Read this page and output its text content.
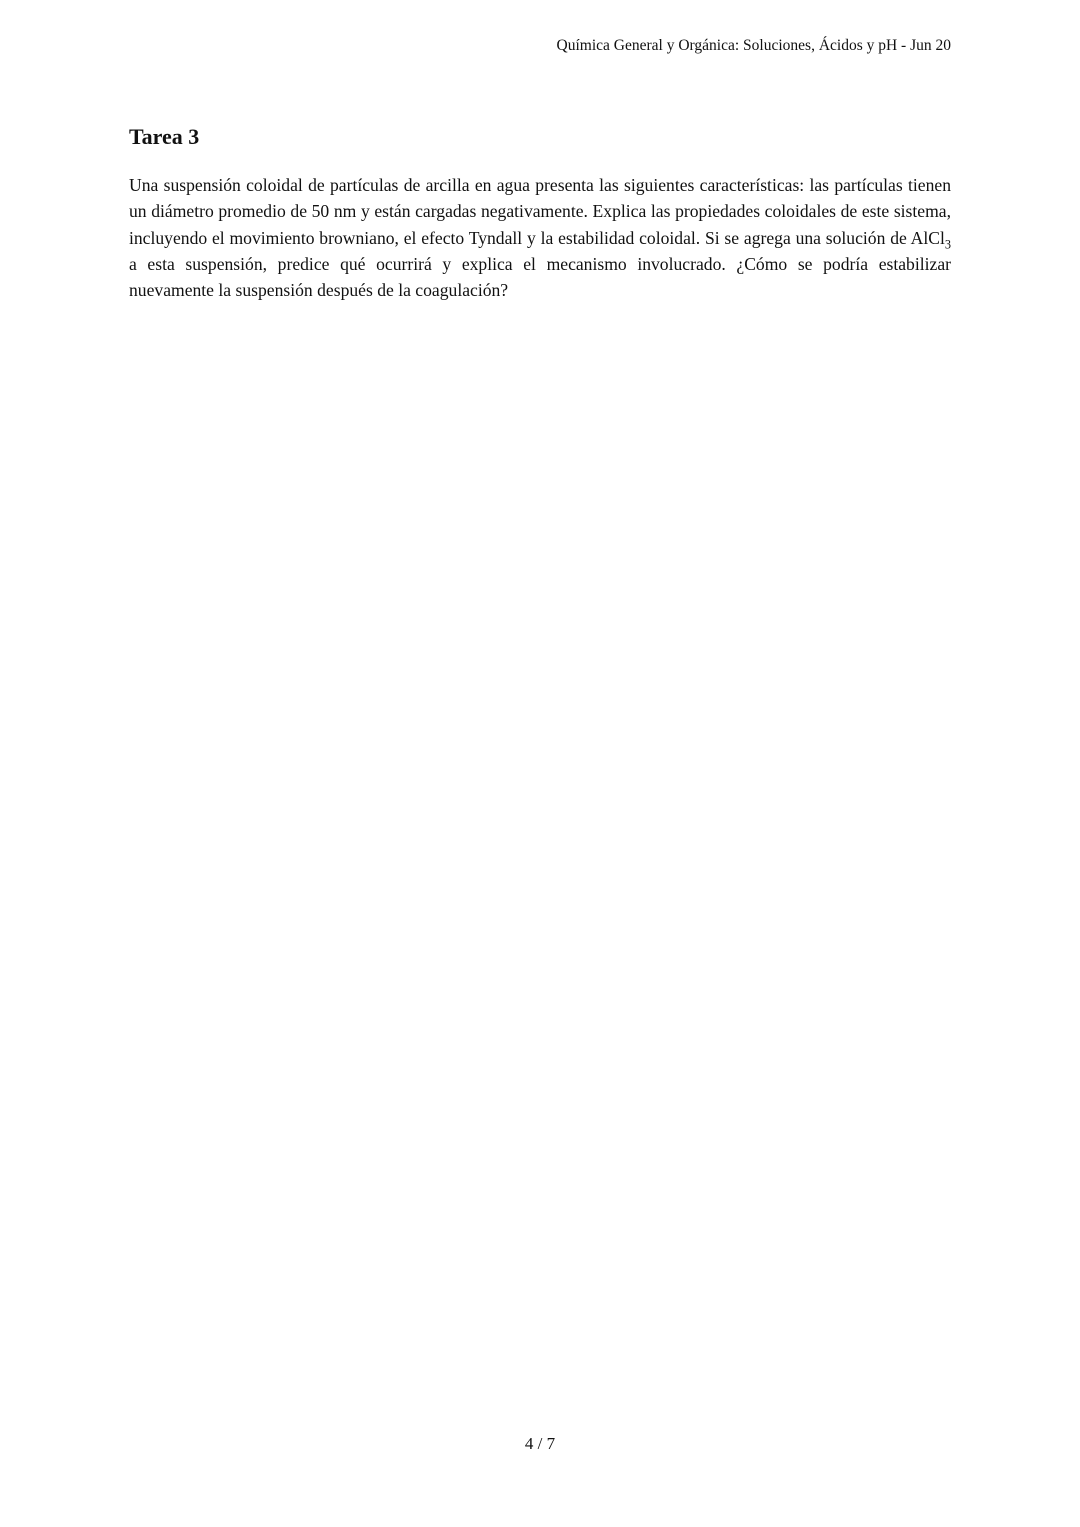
Química General y Orgánica: Soluciones, Ácidos y pH - Jun 20
Tarea 3

Una suspensión coloidal de partículas de arcilla en agua presenta las siguientes características: las partículas tienen un diámetro promedio de 50 nm y están cargadas negativamente. Explica las propiedades coloidales de este sistema, incluyendo el movimiento browniano, el efecto Tyndall y la estabilidad coloidal. Si se agrega una solución de AlCl$_3$ a esta suspensión, predice qué ocurrirá y explica el mecanismo involucrado. ¿Cómo se podría estabilizar nuevamente la suspensión después de la coagulación?

4 / 7
